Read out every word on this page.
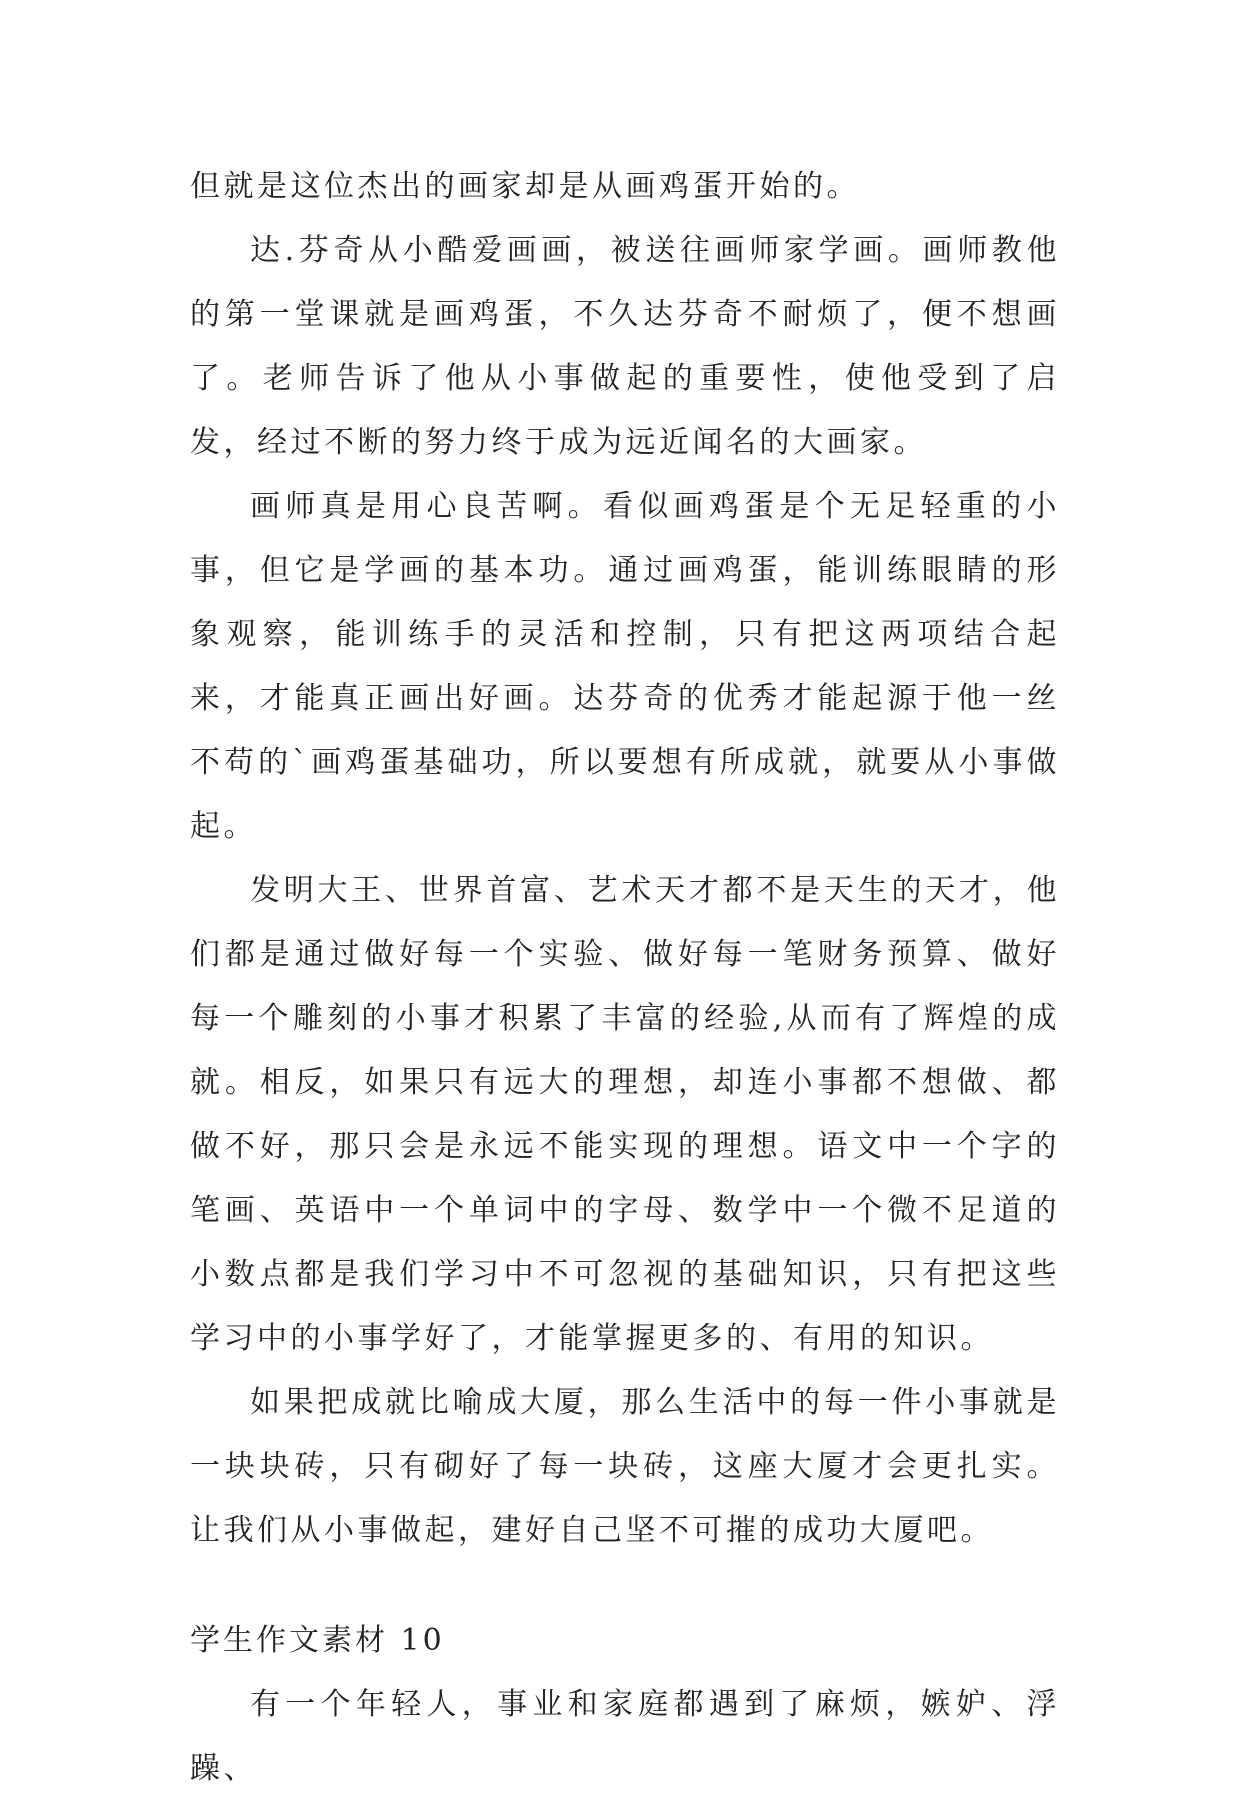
但就是这位杰出的画家却是从画鸡蛋开始的。

达.芬奇从小酷爱画画，被送往画师家学画。画师教他的第一堂课就是画鸡蛋，不久达芬奇不耐烦了，便不想画了。老师告诉了他从小事做起的重要性，使他受到了启发，经过不断的努力终于成为远近闻名的大画家。

画师真是用心良苦啊。看似画鸡蛋是个无足轻重的小事，但它是学画的基本功。通过画鸡蛋，能训练眼睛的形象观察，能训练手的灵活和控制，只有把这两项结合起来，才能真正画出好画。达芬奇的优秀才能起源于他一丝不苟的`画鸡蛋基础功，所以要想有所成就，就要从小事做起。

发明大王、世界首富、艺术天才都不是天生的天才，他们都是通过做好每一个实验、做好每一笔财务预算、做好每一个雕刻的小事才积累了丰富的经验,从而有了辉煌的成就。相反，如果只有远大的理想，却连小事都不想做、都做不好，那只会是永远不能实现的理想。语文中一个字的笔画、英语中一个单词中的字母、数学中一个微不足道的小数点都是我们学习中不可忽视的基础知识，只有把这些学习中的小事学好了，才能掌握更多的、有用的知识。

如果把成就比喻成大厦，那么生活中的每一件小事就是一块块砖，只有砌好了每一块砖，这座大厦才会更扎实。让我们从小事做起，建好自己坚不可摧的成功大厦吧。

学生作文素材 10

有一个年轻人，事业和家庭都遇到了麻烦，嫉妒、浮躁、
